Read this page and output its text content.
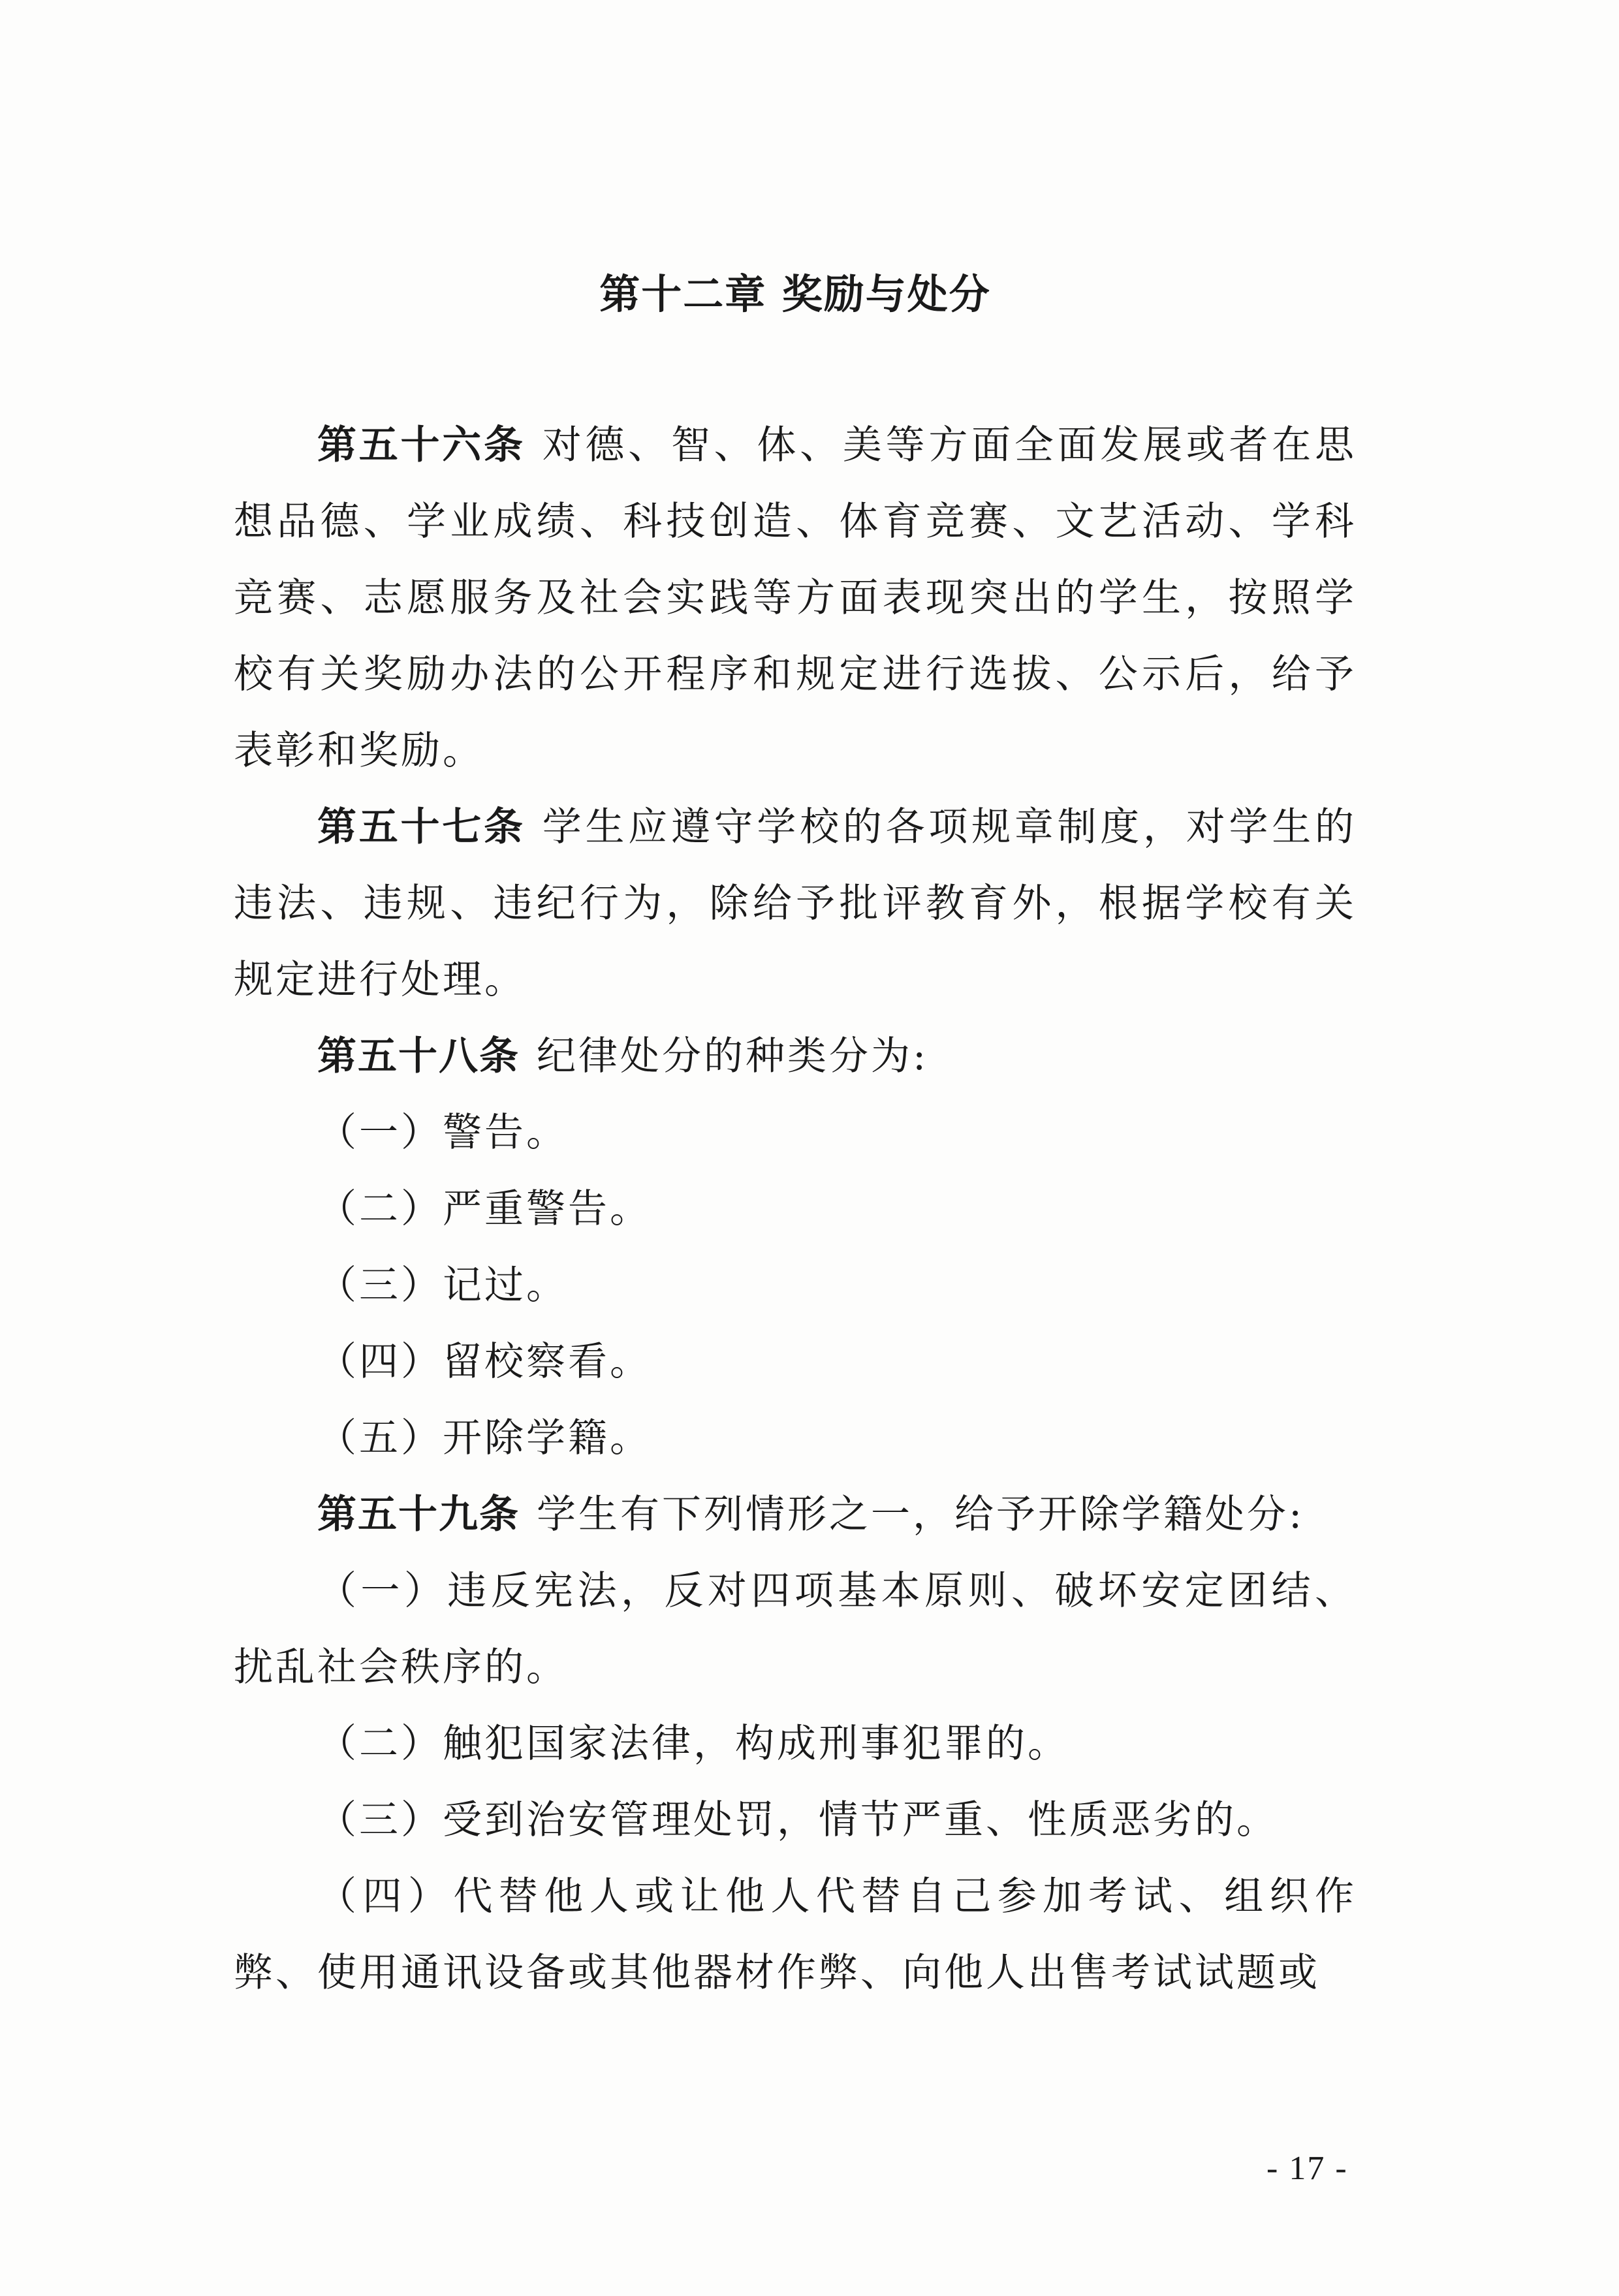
第十二章 奖励与处分

第五十六条 对德、智、体、美等方面全面发展或者在思想品德、学业成绩、科技创造、体育竞赛、文艺活动、学科竞赛、志愿服务及社会实践等方面表现突出的学生，按照学校有关奖励办法的公开程序和规定进行选拔、公示后，给予表彰和奖励。

第五十七条 学生应遵守学校的各项规章制度，对学生的违法、违规、违纪行为，除给予批评教育外，根据学校有关规定进行处理。

第五十八条 纪律处分的种类分为:

（一）警告。

（二）严重警告。

（三）记过。

（四）留校察看。

（五）开除学籍。

第五十九条 学生有下列情形之一，给予开除学籍处分:

（一）违反宪法，反对四项基本原则、破坏安定团结、扰乱社会秩序的。

（二）触犯国家法律，构成刑事犯罪的。

（三）受到治安管理处罚，情节严重、性质恶劣的。

（四）代替他人或让他人代替自己参加考试、组织作弊、使用通讯设备或其他器材作弊、向他人出售考试试题或

- 17 -
